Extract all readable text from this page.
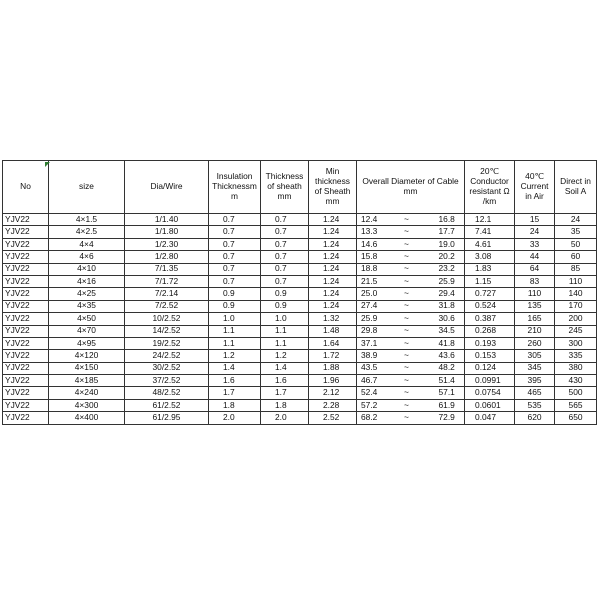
No	size	Dia/Wire	Insulation Thicknessm m	Thickness of sheath mm	Min thickness of Sheath mm	Overall Diameter of Cable mm			20℃ Conductor resistant Ω /km	40℃ Current in Air	Direct in Soil A
YJV22	4×1.5	1/1.40	0.7	0.7	1.24	12.4	~	16.8	12.1	15	24
YJV22	4×2.5	1/1.80	0.7	0.7	1.24	13.3	~	17.7	7.41	24	35
YJV22	4×4	1/2.30	0.7	0.7	1.24	14.6	~	19.0	4.61	33	50
YJV22	4×6	1/2.80	0.7	0.7	1.24	15.8	~	20.2	3.08	44	60
YJV22	4×10	7/1.35	0.7	0.7	1.24	18.8	~	23.2	1.83	64	85
YJV22	4×16	7/1.72	0.7	0.7	1.24	21.5	~	25.9	1.15	83	110
YJV22	4×25	7/2.14	0.9	0.9	1.24	25.0	~	29.4	0.727	110	140
YJV22	4×35	7/2.52	0.9	0.9	1.24	27.4	~	31.8	0.524	135	170
YJV22	4×50	10/2.52	1.0	1.0	1.32	25.9	~	30.6	0.387	165	200
YJV22	4×70	14/2.52	1.1	1.1	1.48	29.8	~	34.5	0.268	210	245
YJV22	4×95	19/2.52	1.1	1.1	1.64	37.1	~	41.8	0.193	260	300
YJV22	4×120	24/2.52	1.2	1.2	1.72	38.9	~	43.6	0.153	305	335
YJV22	4×150	30/2.52	1.4	1.4	1.88	43.5	~	48.2	0.124	345	380
YJV22	4×185	37/2.52	1.6	1.6	1.96	46.7	~	51.4	0.0991	395	430
YJV22	4×240	48/2.52	1.7	1.7	2.12	52.4	~	57.1	0.0754	465	500
YJV22	4×300	61/2.52	1.8	1.8	2.28	57.2	~	61.9	0.0601	535	565
YJV22	4×400	61/2.95	2.0	2.0	2.52	68.2	~	72.9	0.047	620	650
